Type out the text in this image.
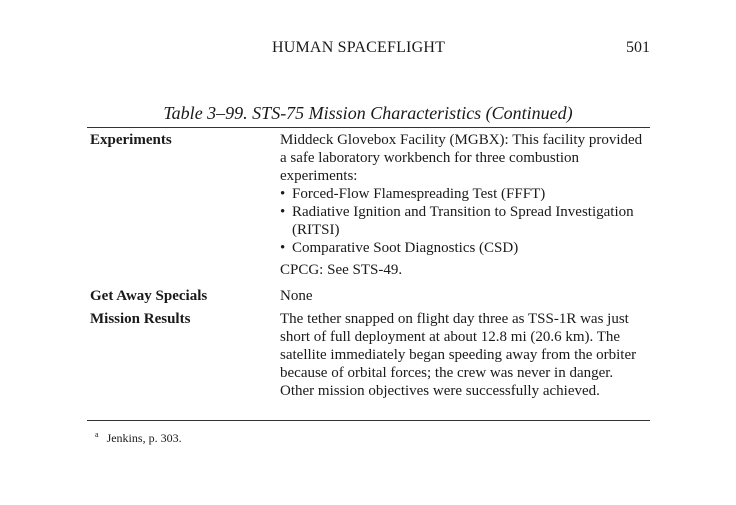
HUMAN SPACEFLIGHT	501
Table 3–99. STS-75 Mission Characteristics (Continued)
Experiments	Middeck Glovebox Facility (MGBX): This facility provided a safe laboratory workbench for three combustion experiments:

• Forced-Flow Flamespreading Test (FFFT)
• Radiative Ignition and Transition to Spread Investigation (RITSI)
• Comparative Soot Diagnostics (CSD)

CPCG: See STS-49.

Get Away Specials	None
Mission Results	The tether snapped on flight day three as TSS-1R was just short of full deployment at about 12.8 mi (20.6 km). The satellite immediately began speeding away from the orbiter because of orbital forces; the crew was never in danger. Other mission objectives were successfully achieved.
$^a$ Jenkins, p. 303.
